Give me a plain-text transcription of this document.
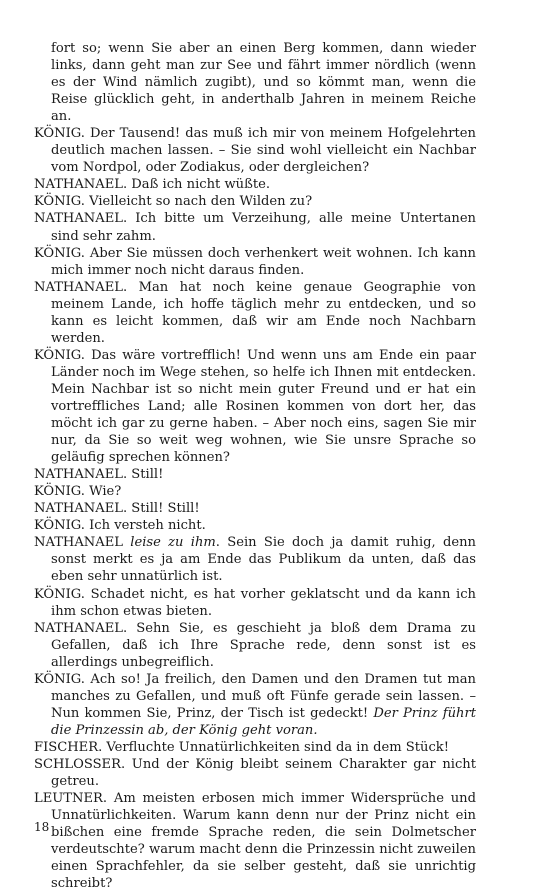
fort so; wenn Sie aber an einen Berg kommen, dann wieder links, dann geht man zur See und fährt immer nördlich (wenn es der Wind nämlich zugibt), und so kömmt man, wenn die Reise glücklich geht, in anderthalb Jahren in meinem Reiche an.

KÖNIG. Der Tausend! das muß ich mir von meinem Hofgelehrten deutlich machen lassen. – Sie sind wohl vielleicht ein Nachbar vom Nordpol, oder Zodiakus, oder dergleichen?

NATHANAEL. Daß ich nicht wüßte.

KÖNIG. Vielleicht so nach den Wilden zu?

NATHANAEL. Ich bitte um Verzeihung, alle meine Untertanen sind sehr zahm.

KÖNIG. Aber Sie müssen doch verhenkert weit wohnen. Ich kann mich immer noch nicht daraus finden.

NATHANAEL. Man hat noch keine genaue Geographie von meinem Lande, ich hoffe täglich mehr zu entdecken, und so kann es leicht kommen, daß wir am Ende noch Nachbarn werden.

KÖNIG. Das wäre vortrefflich! Und wenn uns am Ende ein paar Länder noch im Wege stehen, so helfe ich Ihnen mit entdecken. Mein Nachbar ist so nicht mein guter Freund und er hat ein vortreffliches Land; alle Rosinen kommen von dort her, das möcht ich gar zu gerne haben. – Aber noch eins, sagen Sie mir nur, da Sie so weit weg wohnen, wie Sie unsre Sprache so geläufig sprechen können?

NATHANAEL. Still!

KÖNIG. Wie?

NATHANAEL. Still! Still!

KÖNIG. Ich versteh nicht.

NATHANAEL leise zu ihm. Sein Sie doch ja damit ruhig, denn sonst merkt es ja am Ende das Publikum da unten, daß das eben sehr unnatürlich ist.

KÖNIG. Schadet nicht, es hat vorher geklatscht und da kann ich ihm schon etwas bieten.

NATHANAEL. Sehn Sie, es geschieht ja bloß dem Drama zu Gefallen, daß ich Ihre Sprache rede, denn sonst ist es allerdings unbegreiflich.

KÖNIG. Ach so! Ja freilich, den Damen und den Dramen tut man manches zu Gefallen, und muß oft Fünfe gerade sein lassen. – Nun kommen Sie, Prinz, der Tisch ist gedeckt! Der Prinz führt die Prinzessin ab, der König geht voran.

FISCHER. Verfluchte Unnatürlichkeiten sind da in dem Stück!

SCHLOSSER. Und der König bleibt seinem Charakter gar nicht getreu.

LEUTNER. Am meisten erbosen mich immer Widersprüche und Unnatürlichkeiten. Warum kann denn nur der Prinz nicht ein bißchen eine fremde Sprache reden, die sein Dolmetscher verdeutschte? warum macht denn die Prinzessin nicht zuweilen einen Sprachfehler, da sie selber gesteht, daß sie unrichtig schreibt?

18
